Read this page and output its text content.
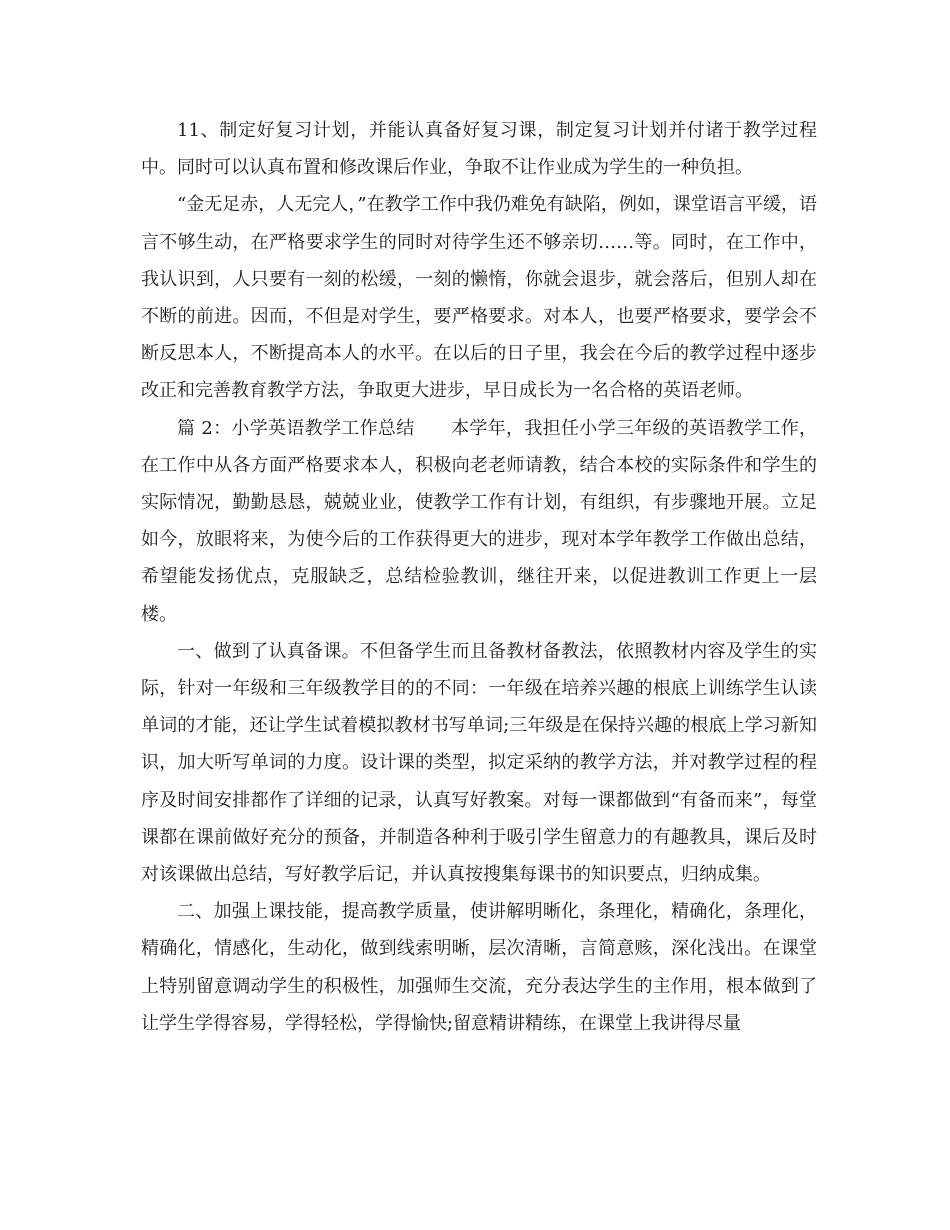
11、制定好复习计划，并能认真备好复习课，制定复习计划并付诸于教学过程中。同时可以认真布置和修改课后作业，争取不让作业成为学生的一种负担。

“金无足赤，人无完人，”在教学工作中我仍难免有缺陷，例如，课堂语言平缓，语言不够生动，在严格要求学生的同时对待学生还不够亲切……等。同时，在工作中，我认识到，人只要有一刻的松缓，一刻的懒惰，你就会退步，就会落后，但别人却在不断的前进。因而，不但是对学生，要严格要求。对本人，也要严格要求，要学会不断反思本人，不断提高本人的水平。在以后的日子里，我会在今后的教学过程中逐步改正和完善教育教学方法，争取更大进步，早日成长为一名合格的英语老师。

篇 2：小学英语教学工作总结　　本学年，我担任小学三年级的英语教学工作，在工作中从各方面严格要求本人，积极向老老师请教，结合本校的实际条件和学生的实际情况，勤勤恳恳，兢兢业业，使教学工作有计划，有组织，有步骤地开展。立足如今，放眼将来，为使今后的工作获得更大的进步，现对本学年教学工作做出总结，希望能发扬优点，克服缺乏，总结检验教训，继往开来，以促进教训工作更上一层楼。

一、做到了认真备课。不但备学生而且备教材备教法，依照教材内容及学生的实际，针对一年级和三年级教学目的的不同：一年级在培养兴趣的根底上训练学生认读单词的才能，还让学生试着模拟教材书写单词;三年级是在保持兴趣的根底上学习新知识，加大听写单词的力度。设计课的类型，拟定采纳的教学方法，并对教学过程的程序及时间安排都作了详细的记录，认真写好教案。对每一课都做到“有备而来”，每堂课都在课前做好充分的预备，并制造各种利于吸引学生留意力的有趣教具，课后及时对该课做出总结，写好教学后记，并认真按搜集每课书的知识要点，归纳成集。

二、加强上课技能，提高教学质量，使讲解明晰化，条理化，精确化，条理化，精确化，情感化，生动化，做到线索明晰，层次清晰，言简意赅，深化浅出。在课堂上特别留意调动学生的积极性，加强师生交流，充分表达学生的主作用，根本做到了让学生学得容易，学得轻松，学得愉快;留意精讲精练，在课堂上我讲得尽量
